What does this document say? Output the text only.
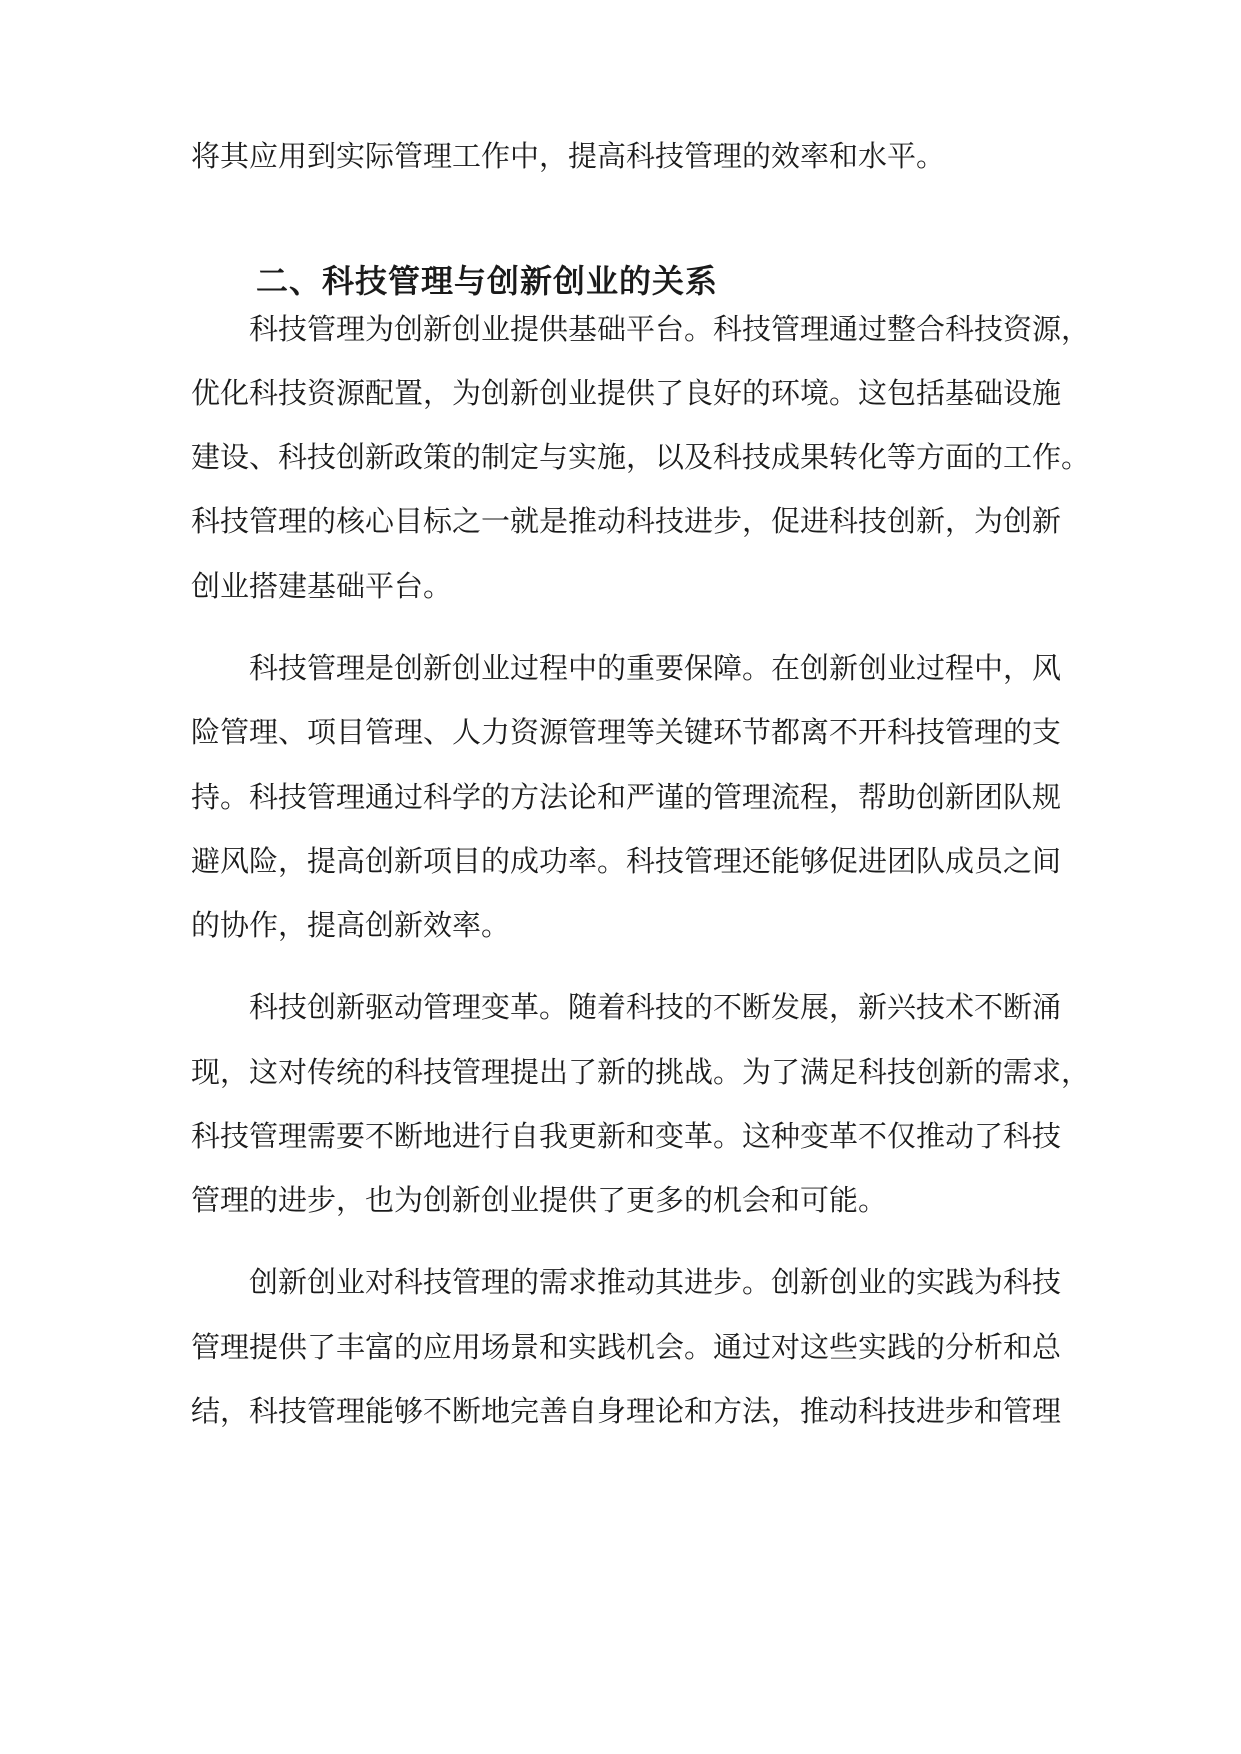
将其应用到实际管理工作中，提高科技管理的效率和水平。
二、科技管理与创新创业的关系
科技管理为创新创业提供基础平台。科技管理通过整合科技资源，
优化科技资源配置，为创新创业提供了良好的环境。这包括基础设施
建设、科技创新政策的制定与实施，以及科技成果转化等方面的工作。
科技管理的核心目标之一就是推动科技进步，促进科技创新，为创新
创业搭建基础平台。
科技管理是创新创业过程中的重要保障。在创新创业过程中，风
险管理、项目管理、人力资源管理等关键环节都离不开科技管理的支
持。科技管理通过科学的方法论和严谨的管理流程，帮助创新团队规
避风险，提高创新项目的成功率。科技管理还能够促进团队成员之间
的协作，提高创新效率。
科技创新驱动管理变革。随着科技的不断发展，新兴技术不断涌
现，这对传统的科技管理提出了新的挑战。为了满足科技创新的需求，
科技管理需要不断地进行自我更新和变革。这种变革不仅推动了科技
管理的进步，也为创新创业提供了更多的机会和可能。
创新创业对科技管理的需求推动其进步。创新创业的实践为科技
管理提供了丰富的应用场景和实践机会。通过对这些实践的分析和总
结，科技管理能够不断地完善自身理论和方法，推动科技进步和管理
